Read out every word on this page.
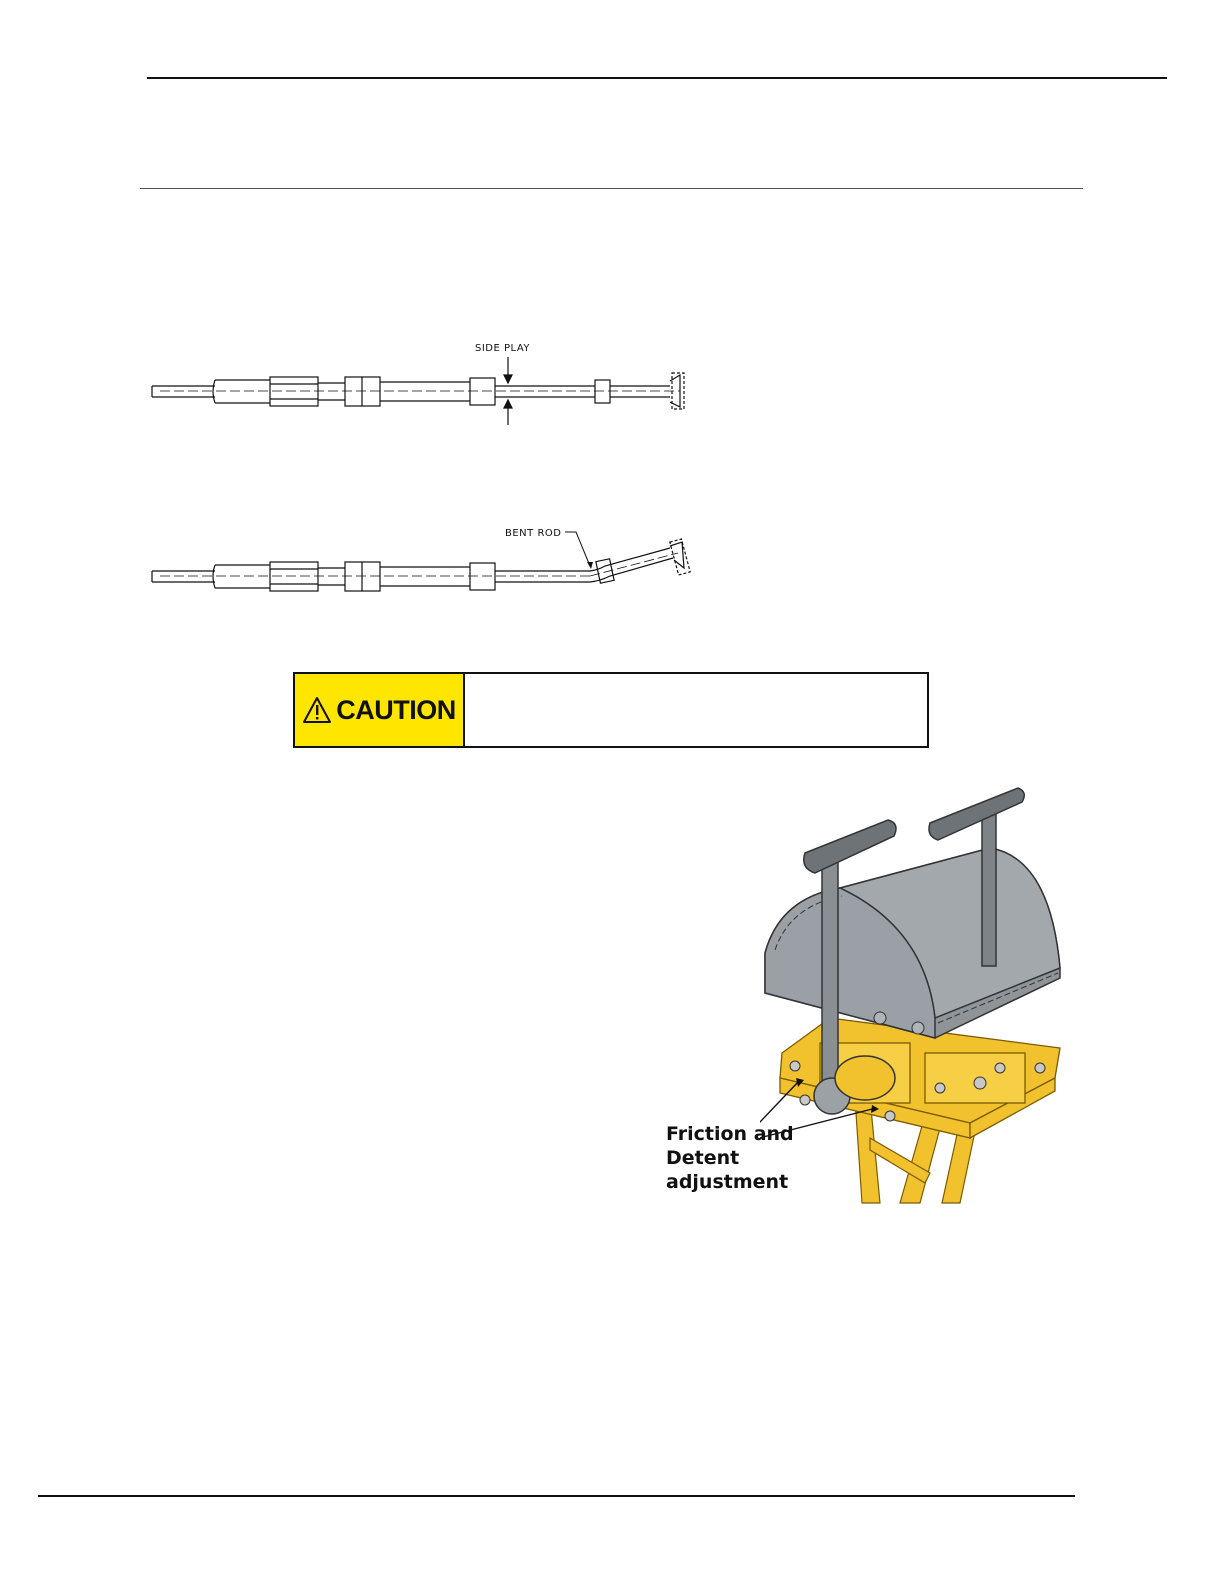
SIDE PLAY
BENT ROD
CAUTION
Friction and
Detent
adjustment
